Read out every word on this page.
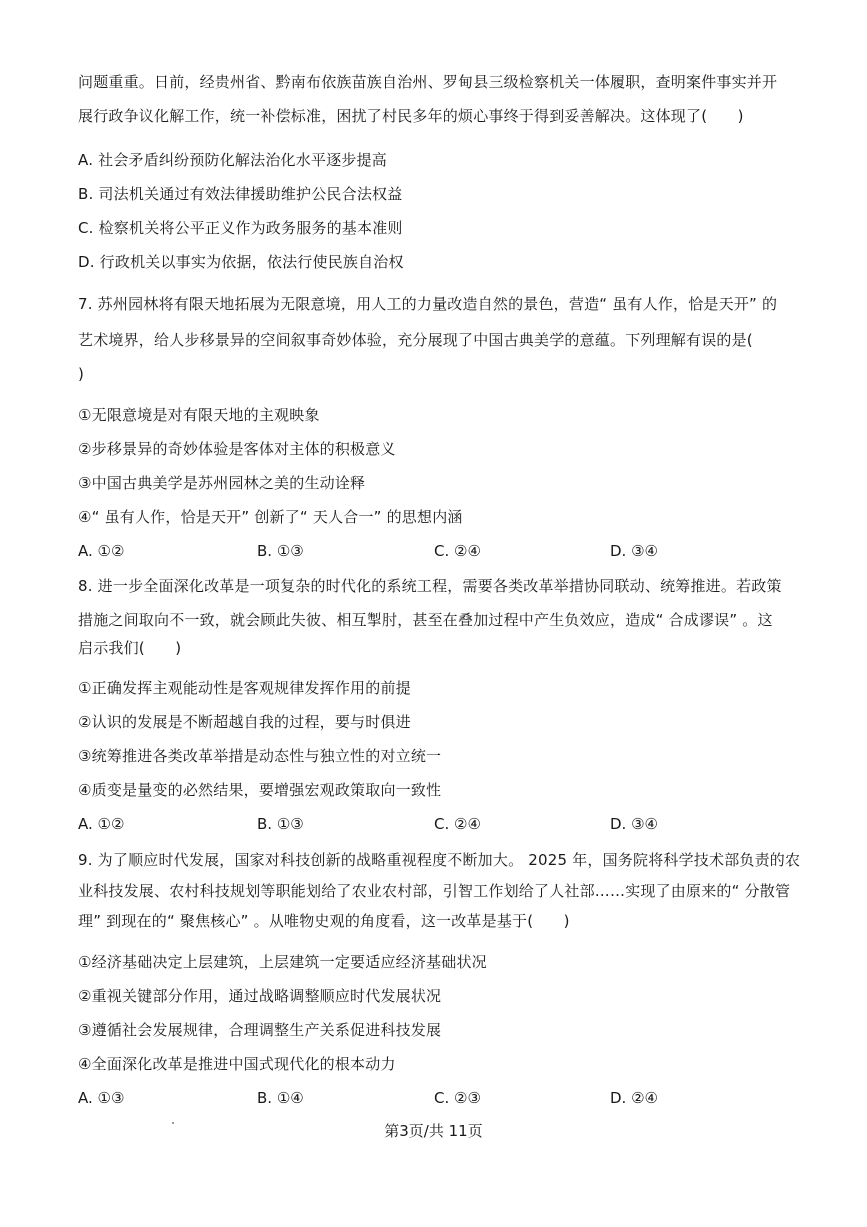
问题重重。日前，经贵州省、黔南布依族苗族自治州、罗甸县三级检察机关一体履职，查明案件事实并开
展行政争议化解工作，统一补偿标准，困扰了村民多年的烦心事终于得到妥善解决。这体现了(　　)
A. 社会矛盾纠纷预防化解法治化水平逐步提高
B. 司法机关通过有效法律援助维护公民合法权益
C. 检察机关将公平正义作为政务服务的基本准则
D. 行政机关以事实为依据，依法行使民族自治权
7. 苏州园林将有限天地拓展为无限意境，用人工的力量改造自然的景色，营造“ 虽有人作，恰是天开” 的
艺术境界，给人步移景异的空间叙事奇妙体验，充分展现了中国古典美学的意蕴。下列理解有误的是(
)
①无限意境是对有限天地的主观映象
②步移景异的奇妙体验是客体对主体的积极意义
③中国古典美学是苏州园林之美的生动诠释
④“ 虽有人作，恰是天开” 创新了“ 天人合一” 的思想内涵
A. ①②	B. ①③	C. ②④	D. ③④
8. 进一步全面深化改革是一项复杂的时代化的系统工程，需要各类改革举措协同联动、统筹推进。若政策
措施之间取向不一致，就会顾此失彼、相互掣肘，甚至在叠加过程中产生负效应，造成“ 合成谬误” 。这
启示我们(　　)
①正确发挥主观能动性是客观规律发挥作用的前提
②认识的发展是不断超越自我的过程，要与时俱进
③统筹推进各类改革举措是动态性与独立性的对立统一
④质变是量变的必然结果，要增强宏观政策取向一致性
A. ①②	B. ①③	C. ②④	D. ③④
9. 为了顺应时代发展，国家对科技创新的战略重视程度不断加大。 2025 年，国务院将科学技术部负责的农
业科技发展、农村科技规划等职能划给了农业农村部，引智工作划给了人社部……实现了由原来的“ 分散管
理” 到现在的“ 聚焦核心” 。从唯物史观的角度看，这一改革是基于(　　)
①经济基础决定上层建筑，上层建筑一定要适应经济基础状况
②重视关键部分作用，通过战略调整顺应时代发展状况
③遵循社会发展规律，合理调整生产关系促进科技发展
④全面深化改革是推进中国式现代化的根本动力
A. ①③	B. ①④	C. ②③	D. ②④
第3页/共 11页
